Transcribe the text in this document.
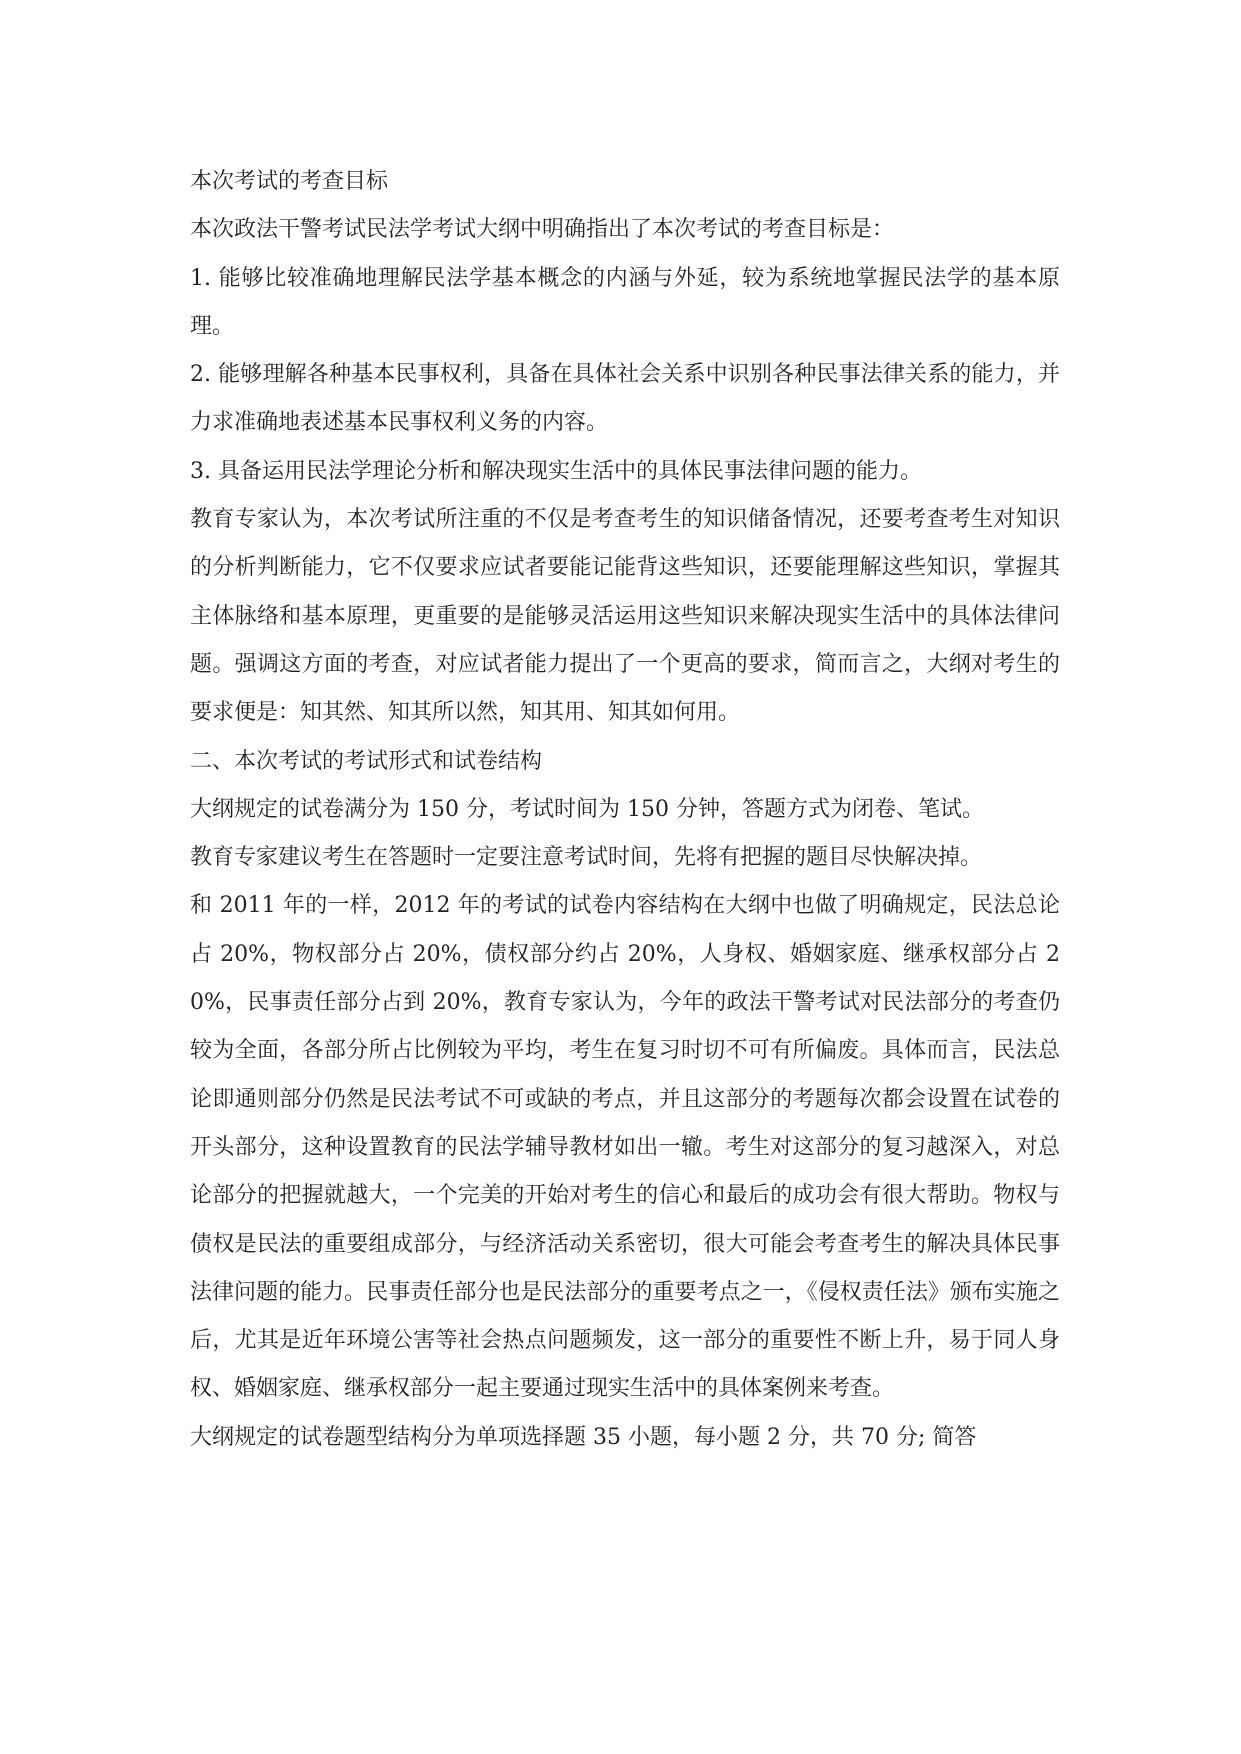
本次考试的考查目标

本次政法干警考试民法学考试大纲中明确指出了本次考试的考查目标是：

1. 能够比较准确地理解民法学基本概念的内涵与外延，较为系统地掌握民法学的基本原理。

2. 能够理解各种基本民事权利，具备在具体社会关系中识别各种民事法律关系的能力，并力求准确地表述基本民事权利义务的内容。

3. 具备运用民法学理论分析和解决现实生活中的具体民事法律问题的能力。

教育专家认为，本次考试所注重的不仅是考查考生的知识储备情况，还要考查考生对知识的分析判断能力，它不仅要求应试者要能记能背这些知识，还要能理解这些知识，掌握其主体脉络和基本原理，更重要的是能够灵活运用这些知识来解决现实生活中的具体法律问题。强调这方面的考查，对应试者能力提出了一个更高的要求，简而言之，大纲对考生的要求便是：知其然、知其所以然，知其用、知其如何用。

二、本次考试的考试形式和试卷结构

大纲规定的试卷满分为 150 分，考试时间为 150 分钟，答题方式为闭卷、笔试。

教育专家建议考生在答题时一定要注意考试时间，先将有把握的题目尽快解决掉。

和 2011 年的一样，2012 年的考试的试卷内容结构在大纲中也做了明确规定，民法总论占 20%，物权部分占 20%，债权部分约占 20%，人身权、婚姻家庭、继承权部分占 20%，民事责任部分占到 20%，教育专家认为，今年的政法干警考试对民法部分的考查仍较为全面，各部分所占比例较为平均，考生在复习时切不可有所偏废。具体而言，民法总论即通则部分仍然是民法考试不可或缺的考点，并且这部分的考题每次都会设置在试卷的开头部分，这种设置教育的民法学辅导教材如出一辙。考生对这部分的复习越深入，对总论部分的把握就越大，一个完美的开始对考生的信心和最后的成功会有很大帮助。物权与债权是民法的重要组成部分，与经济活动关系密切，很大可能会考查考生的解决具体民事法律问题的能力。民事责任部分也是民法部分的重要考点之一，《侵权责任法》颁布实施之后，尤其是近年环境公害等社会热点问题频发，这一部分的重要性不断上升，易于同人身权、婚姻家庭、继承权部分一起主要通过现实生活中的具体案例来考查。

大纲规定的试卷题型结构分为单项选择题 35 小题，每小题 2 分，共 70 分; 简答
